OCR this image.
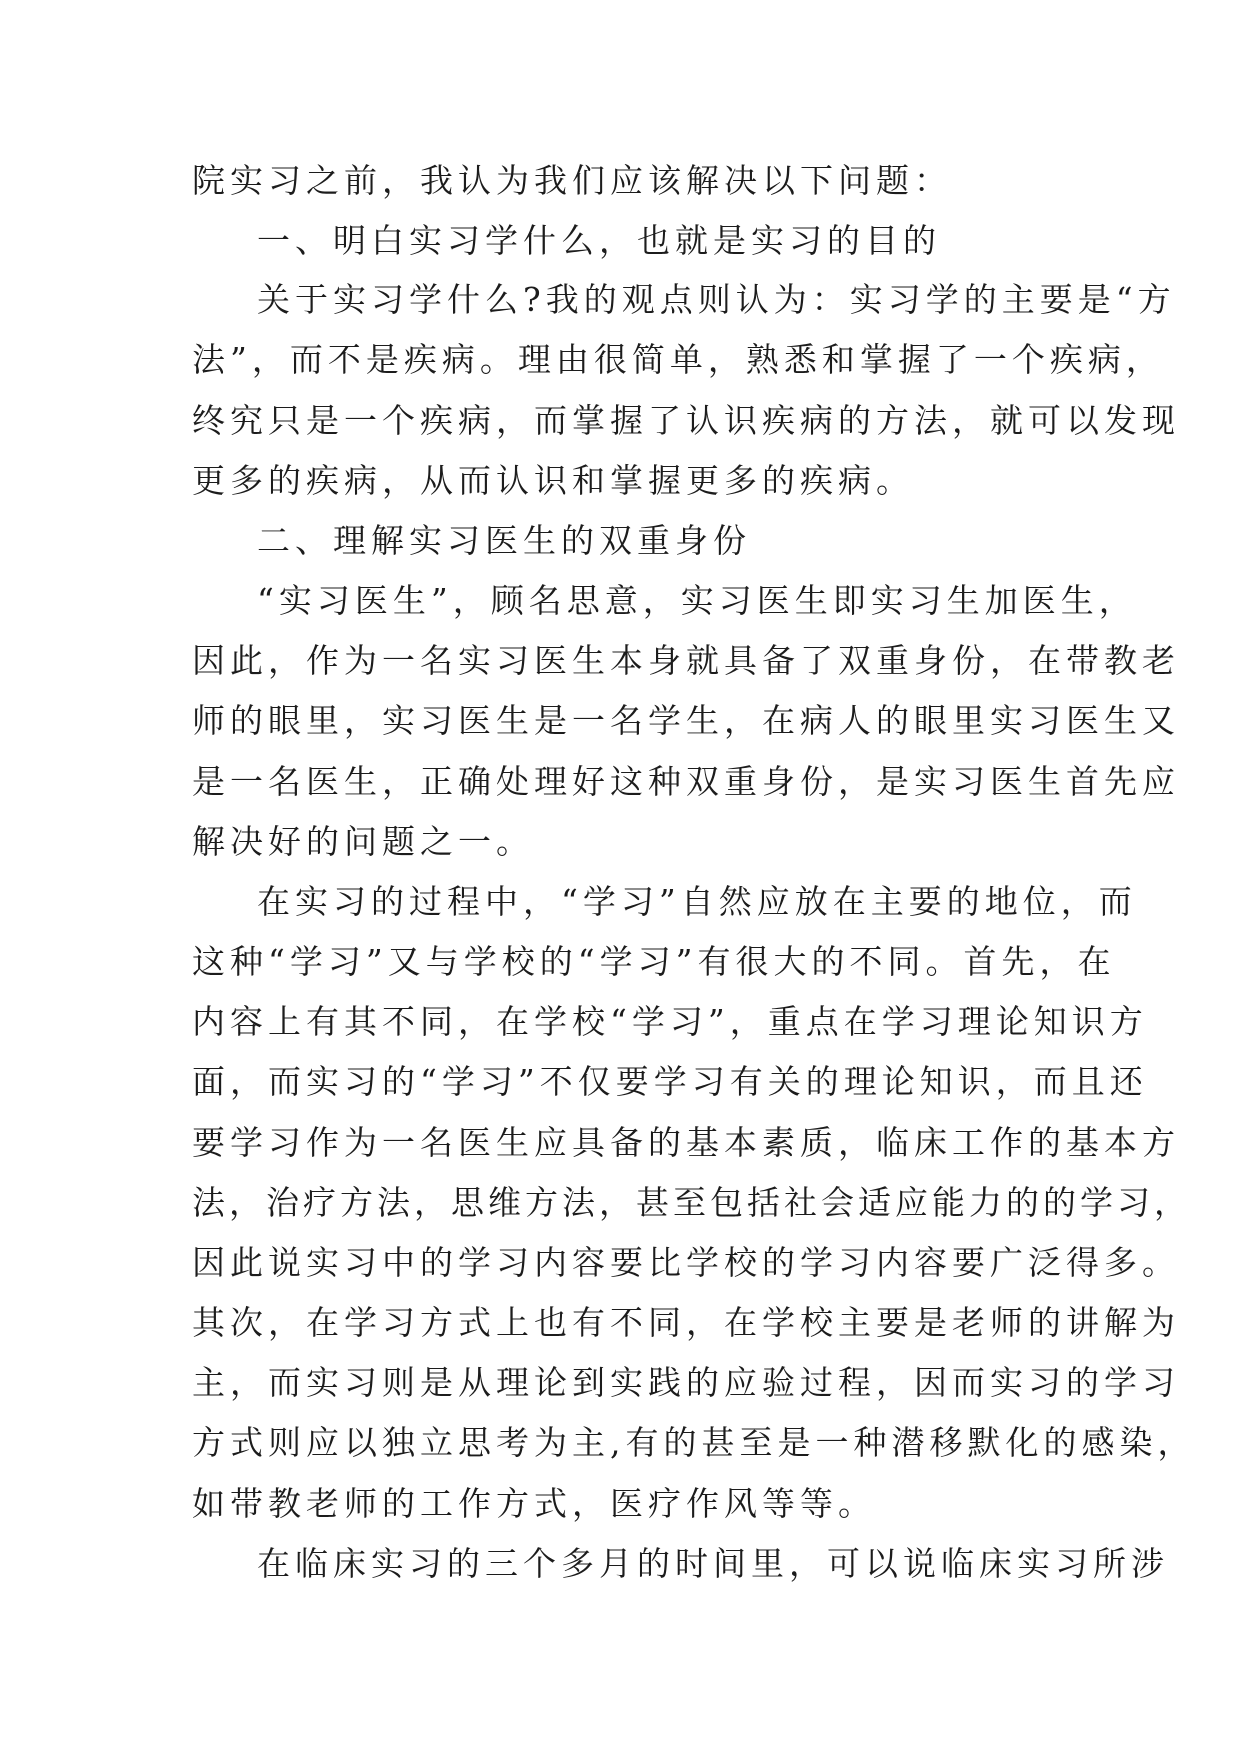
院实习之前，我认为我们应该解决以下问题：

一、明白实习学什么，也就是实习的目的

关于实习学什么?我的观点则认为：实习学的主要是“方

法”，而不是疾病。理由很简单，熟悉和掌握了一个疾病，

终究只是一个疾病，而掌握了认识疾病的方法，就可以发现

更多的疾病，从而认识和掌握更多的疾病。

二、理解实习医生的双重身份

“实习医生”，顾名思意，实习医生即实习生加医生，

因此，作为一名实习医生本身就具备了双重身份，在带教老

师的眼里，实习医生是一名学生，在病人的眼里实习医生又

是一名医生，正确处理好这种双重身份，是实习医生首先应

解决好的问题之一。

在实习的过程中，“学习”自然应放在主要的地位，而

这种“学习”又与学校的“学习”有很大的不同。首先，在

内容上有其不同，在学校“学习”，重点在学习理论知识方

面，而实习的“学习”不仅要学习有关的理论知识，而且还

要学习作为一名医生应具备的基本素质，临床工作的基本方

法，治疗方法，思维方法，甚至包括社会适应能力的的学习，

因此说实习中的学习内容要比学校的学习内容要广泛得多。

其次，在学习方式上也有不同，在学校主要是老师的讲解为

主，而实习则是从理论到实践的应验过程，因而实习的学习

方式则应以独立思考为主,有的甚至是一种潜移默化的感染，

如带教老师的工作方式，医疗作风等等。

在临床实习的三个多月的时间里，可以说临床实习所涉
